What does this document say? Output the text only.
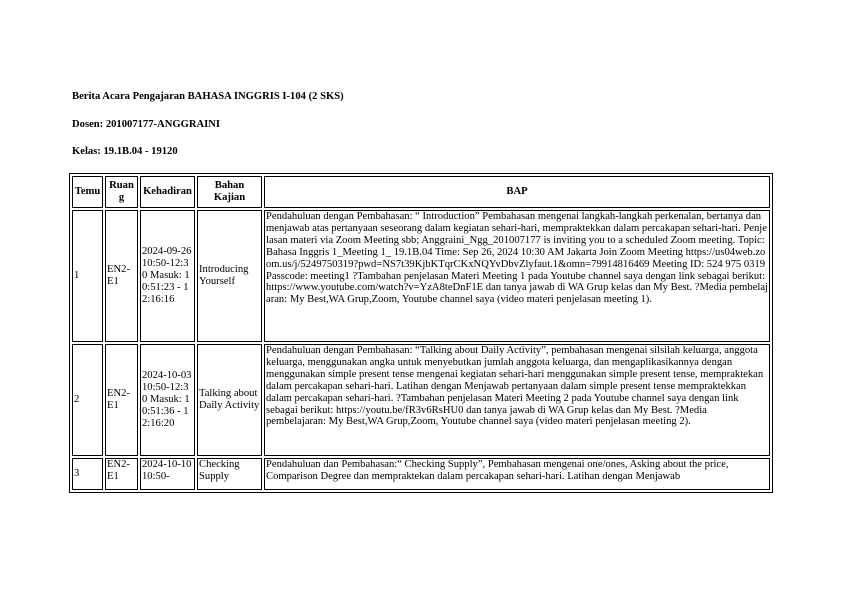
Berita Acara Pengajaran BAHASA INGGRIS I-104 (2 SKS)
Dosen: 201007177-ANGGRAINI
Kelas: 19.1B.04 - 19120
Temu	Ruang	Kehadiran	Bahan Kajian	BAP
1	EN2-E1	2024-09-26 10:50-12:30 Masuk: 10:51:23 - 12:16:16	Introducing Yourself	Pendahuluan dengan Pembahasan: “ Introduction” Pembahasan mengenai langkah-langkah perkenalan, bertanya dan menjawab atas pertanyaan seseorang dalam kegiatan sehari-hari, mempraktekkan dalam percakapan sehari-hari. Penjelasan materi via Zoom Meeting sbb; Anggraini_Ngg_201007177 is inviting you to a scheduled Zoom meeting. Topic: Bahasa Inggris 1_Meeting 1_ 19.1B.04 Time: Sep 26, 2024 10:30 AM Jakarta Join Zoom Meeting https://us04web.zoom.us/j/5249750319?pwd=NS7t39KjbKTqrCKxNQYvDbvZlyfaut.1&omn=79914816469 Meeting ID: 524 975 0319 Passcode: meeting1 ?Tambahan penjelasan Materi Meeting 1 pada Youtube channel saya dengan link sebagai berikut: https://www.youtube.com/watch?v=YzA8teDnF1E dan tanya jawab di WA Grup kelas dan My Best. ?Media pembelajaran: My Best,WA Grup,Zoom, Youtube channel saya (video materi penjelasan meeting 1).
2	EN2-E1	2024-10-03 10:50-12:30 Masuk: 10:51:36 - 12:16:20	Talking about Daily Activity	Pendahuluan dengan Pembahasan: “Talking about Daily Activity”, pembahasan mengenai silsilah keluarga, anggota keluarga, menggunakan angka untuk menyebutkan jumlah anggota keluarga, dan mengaplikasikannya dengan menggunakan simple present tense mengenai kegiatan sehari-hari menggunakan simple present tense, mempraktekan dalam percakapan sehari-hari. Latihan dengan Menjawab pertanyaan dalam simple present tense mempraktekkan dalam percakapan sehari-hari. ?Tambahan penjelasan Materi Meeting 2 pada Youtube channel saya dengan link sebagai berikut: https://youtu.be/fR3v6RsHU0 dan tanya jawab di WA Grup kelas dan My Best. ?Media pembelajaran: My Best,WA Grup,Zoom, Youtube channel saya (video materi penjelasan meeting 2).
3	EN2-E1	2024-10-10 10:50-	Checking Supply	Pendahuluan dan Pembahasan:“ Checking Supply”, Pembahasan mengenai one/ones, Asking about the price, Comparison Degree dan mempraktekan dalam percakapan sehari-hari. Latihan dengan Menjawab
